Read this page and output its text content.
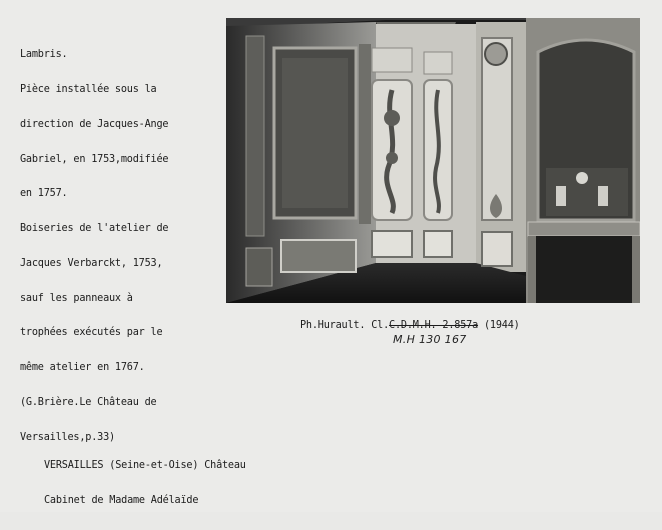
Lambris.

Pièce installée sous la

direction de Jacques-Ange

Gabriel, en 1753,modifiée

en 1757.

Boiseries de l'atelier de

Jacques Verbarckt, 1753,

sauf les panneaux à

trophées exécutés par le

même atelier en 1767.

(G.Brière.Le Château de

Versailles,p.33)

Ph.Hurault. Cl.C.D.M.H. 2.857a (1944)
M.H 130 167

VERSAILLES (Seine-et-Oise) Château

Cabinet de Madame Adélaïde
